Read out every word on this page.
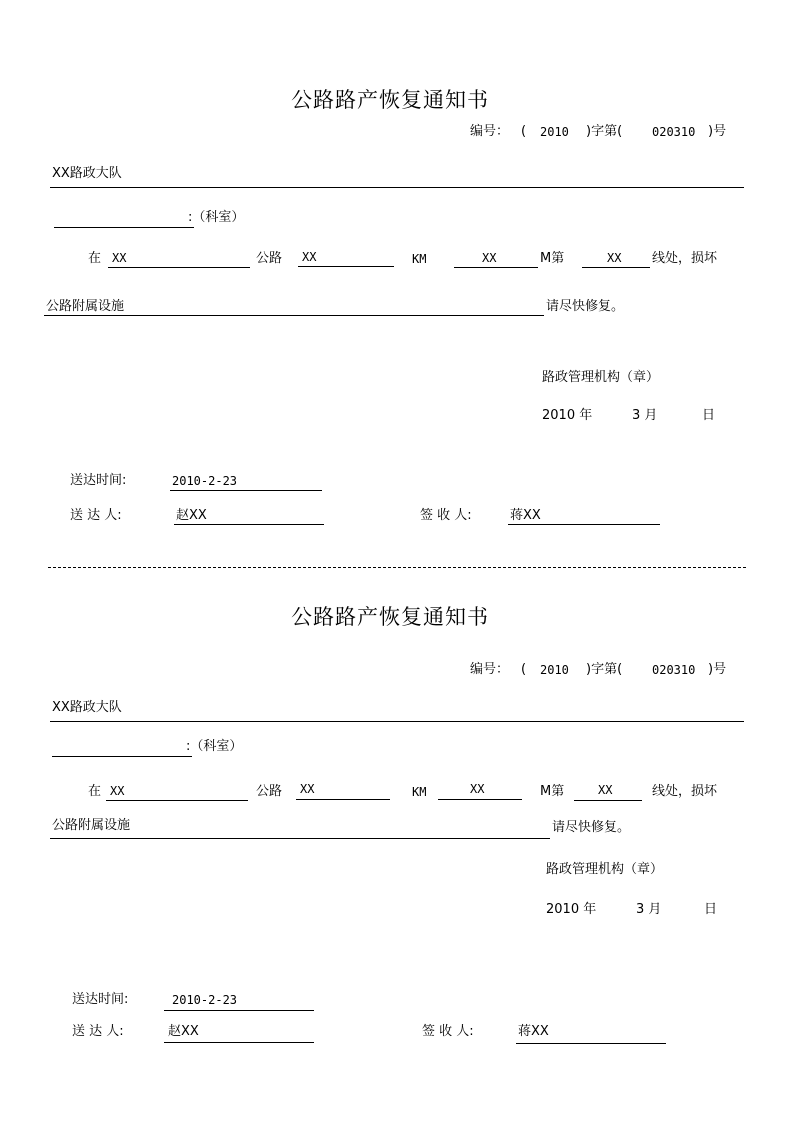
公路路产恢复通知书
编号： ( 2010 )字第( 020310 )号
XX路政大队
:（科室）
在 XX	公路 XX	KM	XX	M第	XX 线处，损坏
公路附属设施	请尽快修复。
路政管理机构（章）
2010 年	3 月	日
送达时间:	2010-2-23
送 达 人:	赵XX	签 收 人:	蒋XX
公路路产恢复通知书
编号： ( 2010 )字第( 020310 )号
XX路政大队
:（科室）
在 XX	公路 XX	KM	XX	M第	XX	线处，损坏
公路附属设施	请尽快修复。
路政管理机构（章）
2010 年	3 月	日
送达时间:	2010-2-23
送 达 人:	赵XX	签 收 人:	蒋XX
